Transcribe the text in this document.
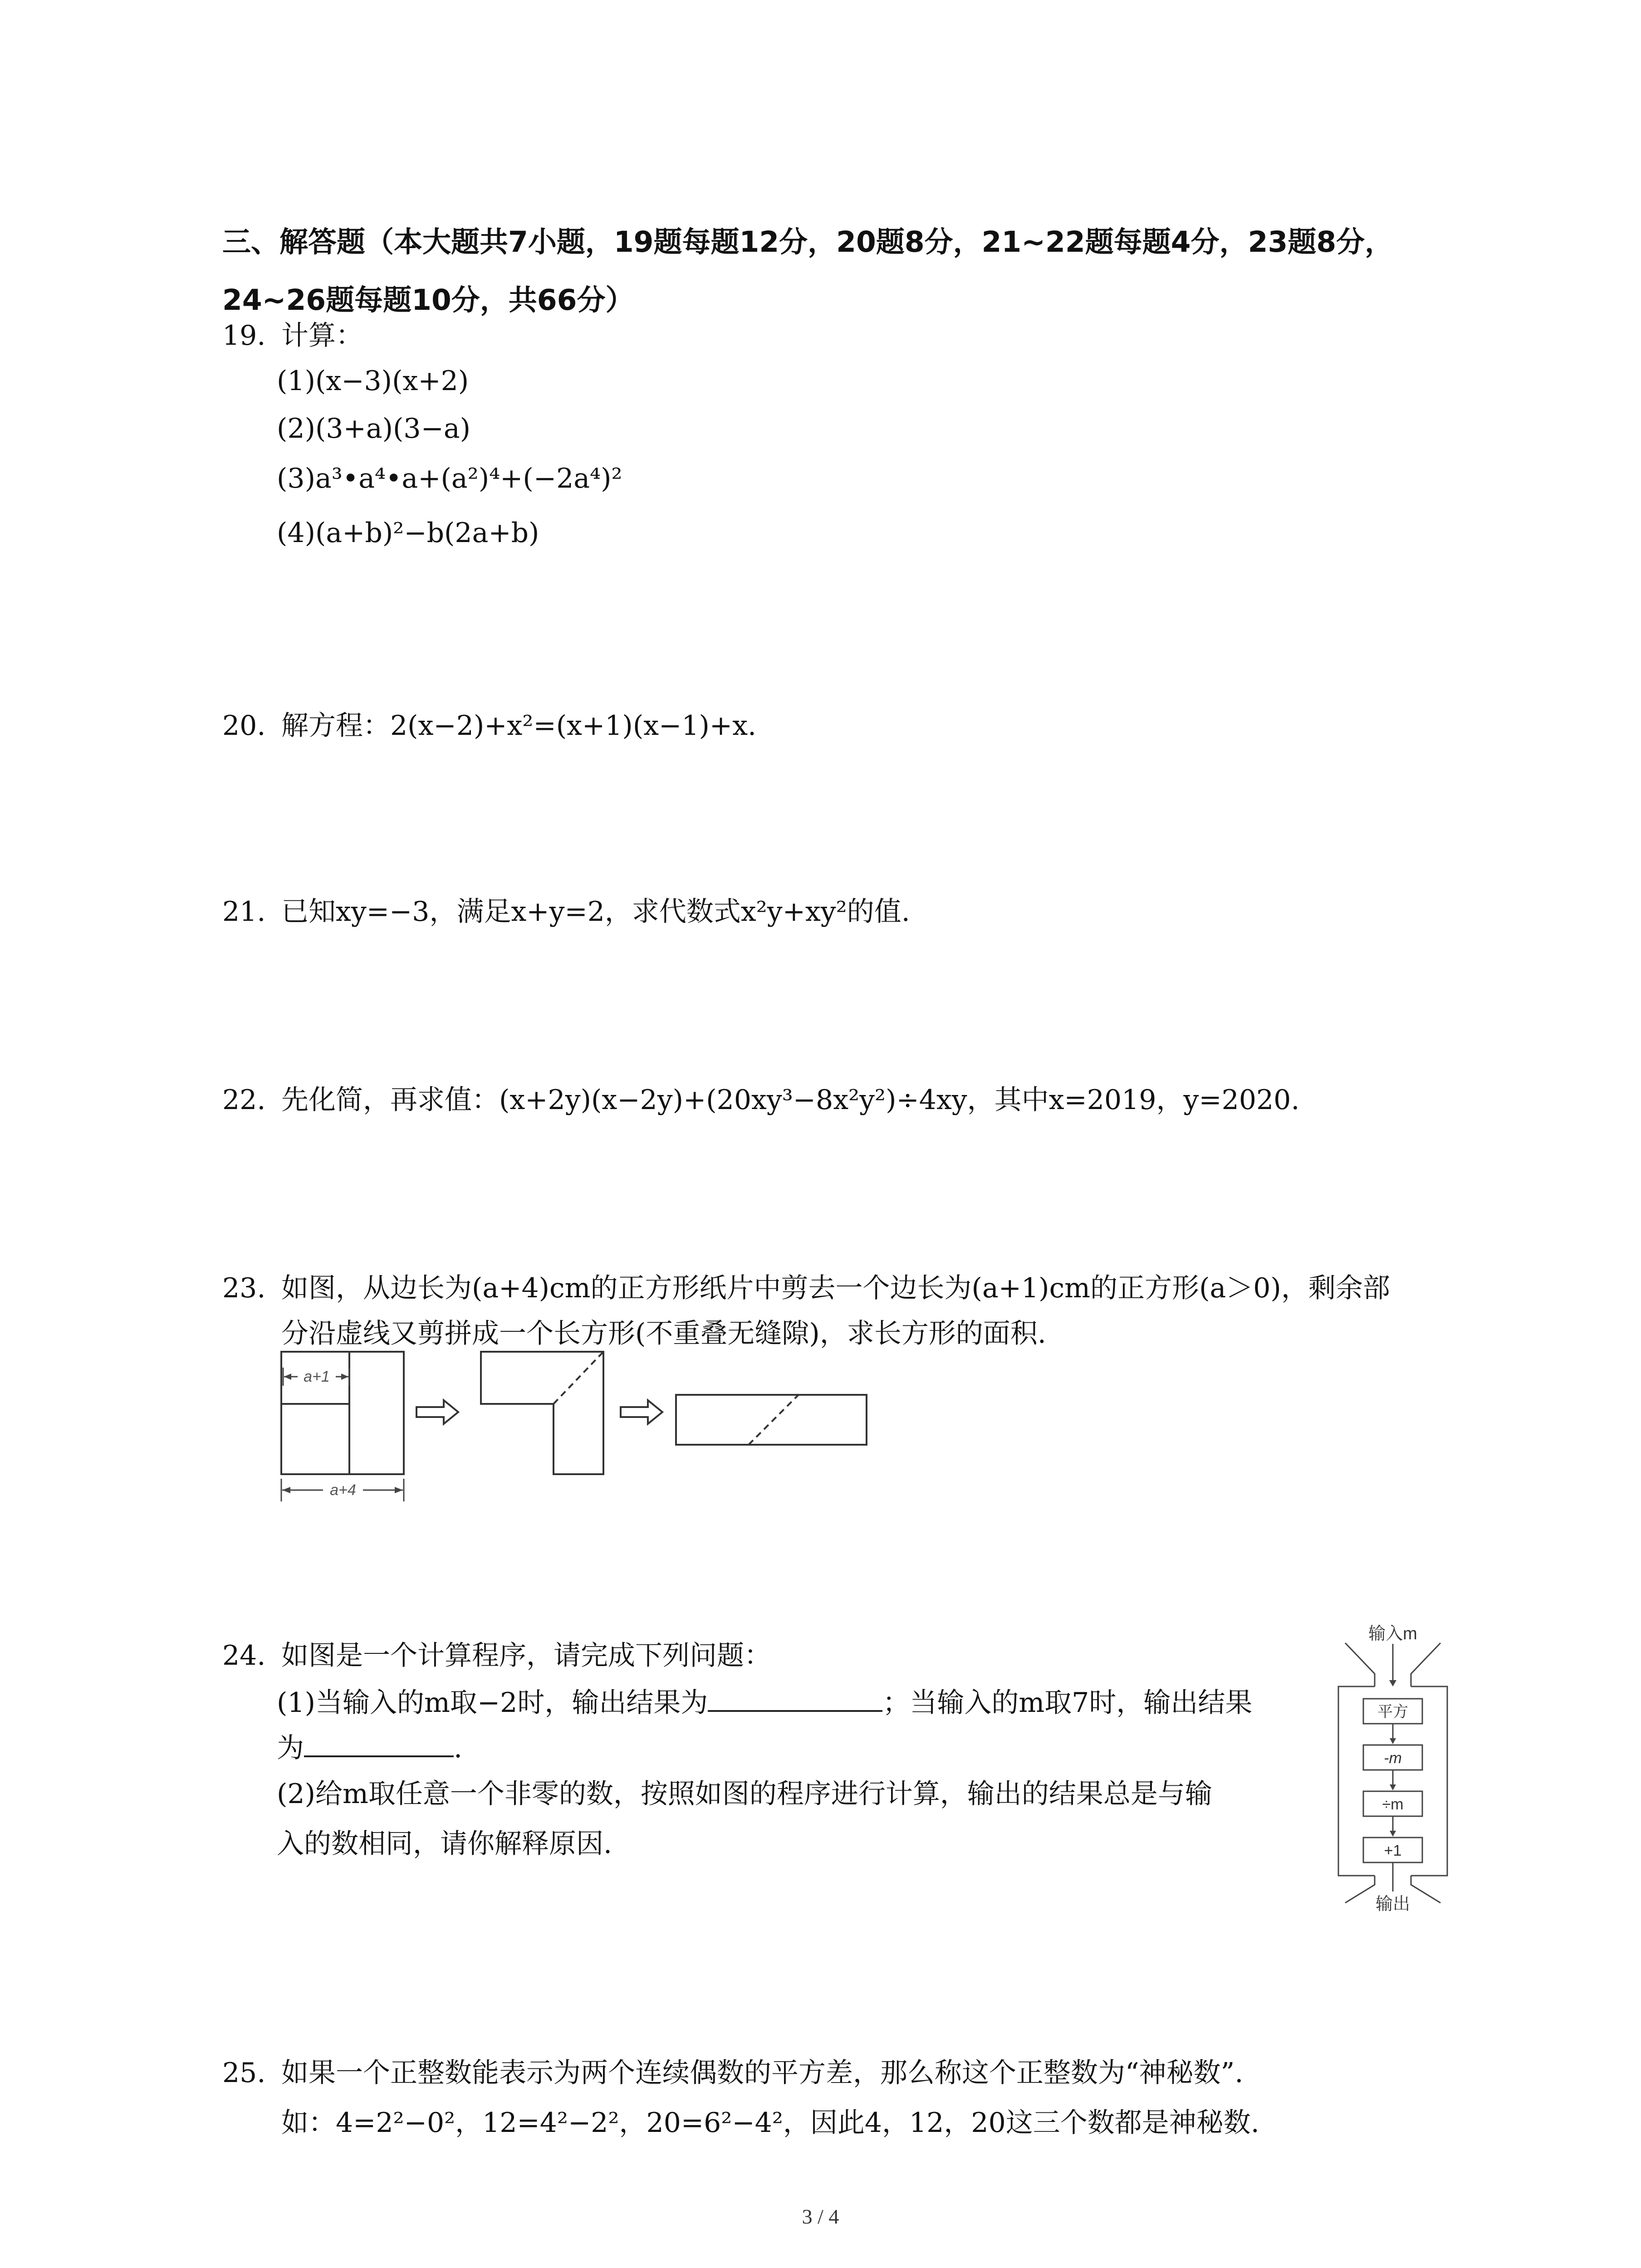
三、解答题（本大题共7小题，19题每题12分，20题8分，21~22题每题4分，23题8分，24~26题每题10分，共66分）
19. 计算：
(1)(x−3)(x+2)
(2)(3+a)(3−a)
(3)a³•a⁴•a+(a²)⁴+(−2a⁴)²
(4)(a+b)²−b(2a+b)
20. 解方程：2(x−2)+x²=(x+1)(x−1)+x.
21. 已知xy=−3，满足x+y=2，求代数式x²y+xy²的值.
22. 先化简，再求值：(x+2y)(x−2y)+(20xy³−8x²y²)÷4xy，其中x=2019，y=2020.
23. 如图，从边长为(a+4)cm的正方形纸片中剪去一个边长为(a+1)cm的正方形(a＞0)，剩余部
分沿虚线又剪拼成一个长方形(不重叠无缝隙)，求长方形的面积.
a+1
a+4
24. 如图是一个计算程序，请完成下列问题：
(1)当输入的m取−2时，输出结果为	；当输入的m取7时，输出结果
为	.
(2)给m取任意一个非零的数，按照如图的程序进行计算，输出的结果总是与输
入的数相同，请你解释原因.
输入m
平方
-m
÷m
+1
输出
25. 如果一个正整数能表示为两个连续偶数的平方差，那么称这个正整数为“神秘数”.
如：4=2²−0²，12=4²−2²，20=6²−4²，因此4，12，20这三个数都是神秘数.
3 / 4
